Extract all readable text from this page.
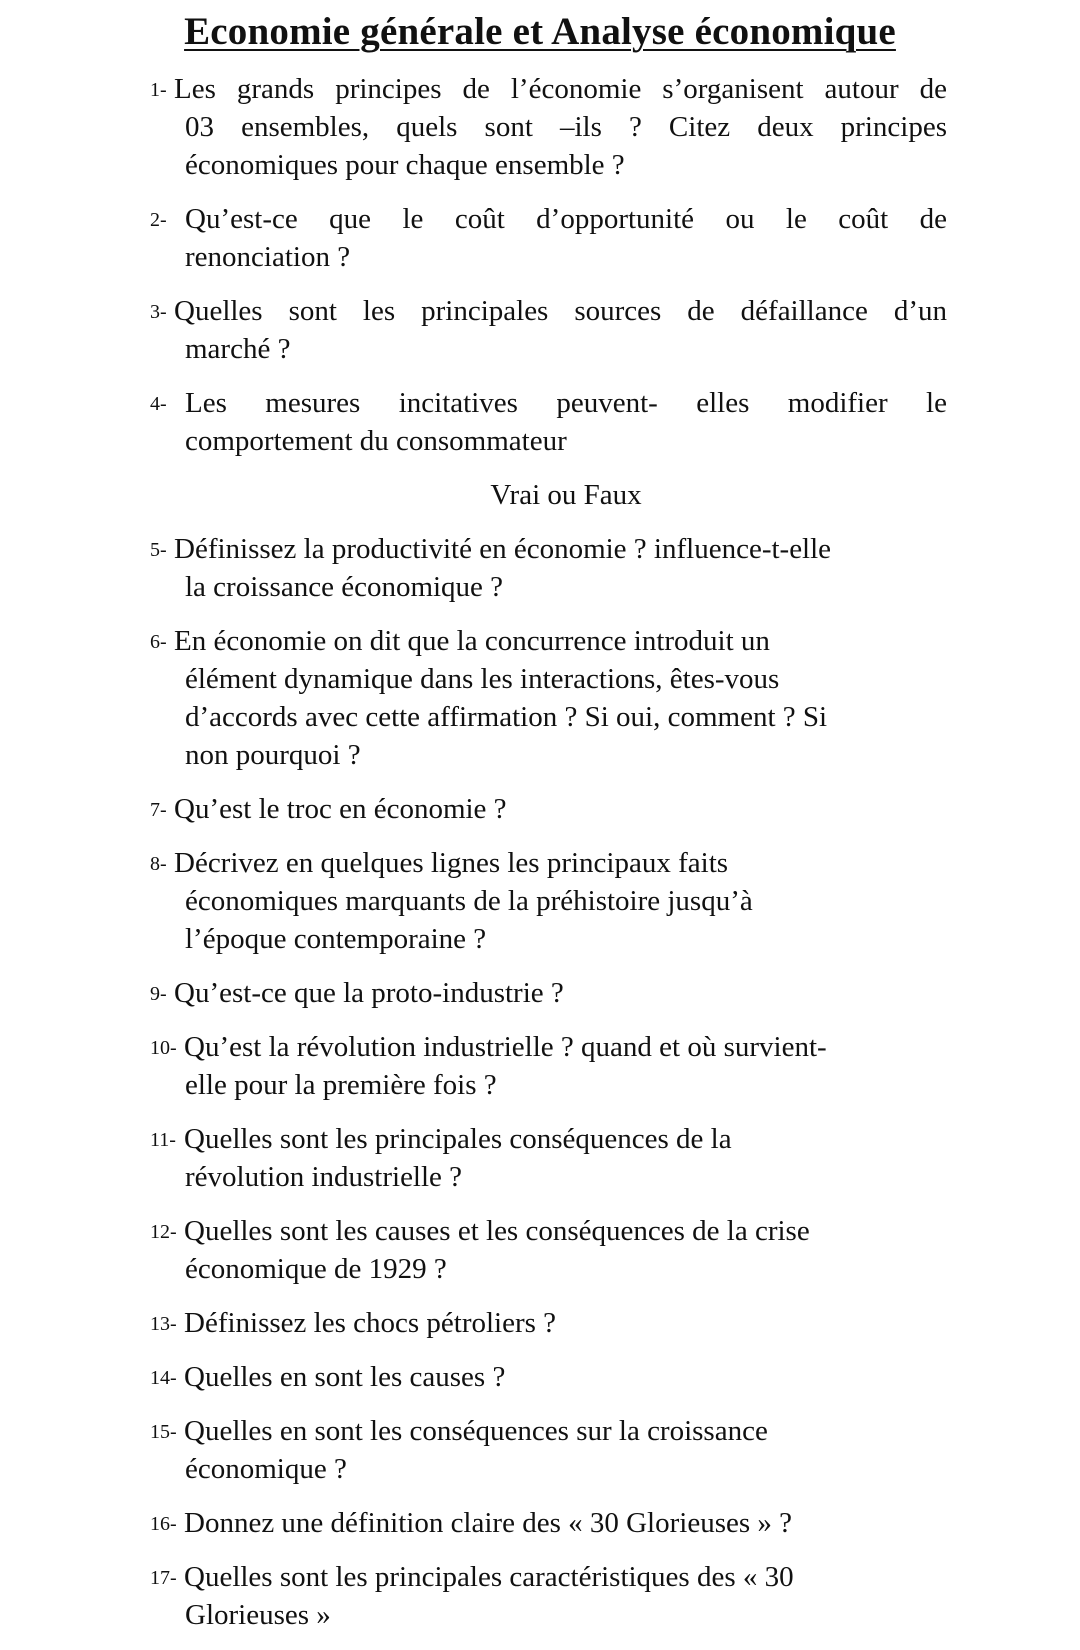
Economie générale et Analyse économique
1- Les grands principes de l’économie s’organisent autour de
03 ensembles, quels sont –ils ? Citez deux principes
économiques pour chaque ensemble ?
2- Qu’est-ce que le coût d’opportunité ou le coût de
renonciation ?
3- Quelles sont les principales sources de défaillance d’un
marché ?
4- Les mesures incitatives peuvent- elles modifier le
comportement du consommateur
Vrai ou Faux
5- Définissez la productivité en économie ? influence-t-elle
la croissance économique ?
6- En économie on dit que la concurrence introduit un
élément dynamique dans les interactions, êtes-vous
d’accords avec cette affirmation ? Si oui, comment ? Si
non pourquoi ?
7- Qu’est le troc en économie ?
8- Décrivez en quelques lignes les principaux faits
économiques marquants de la préhistoire jusqu’à
l’époque contemporaine ?
9- Qu’est-ce que la proto-industrie ?
10- Qu’est la révolution industrielle ? quand et où survient-
elle pour la première fois ?
11- Quelles sont les principales conséquences de la
révolution industrielle ?
12- Quelles sont les causes et les conséquences de la crise
économique de 1929 ?
13- Définissez les chocs pétroliers ?
14- Quelles en sont les causes ?
15- Quelles en sont les conséquences sur la croissance
économique ?
16- Donnez une définition claire des « 30 Glorieuses » ?
17- Quelles sont les principales caractéristiques des « 30
Glorieuses »
